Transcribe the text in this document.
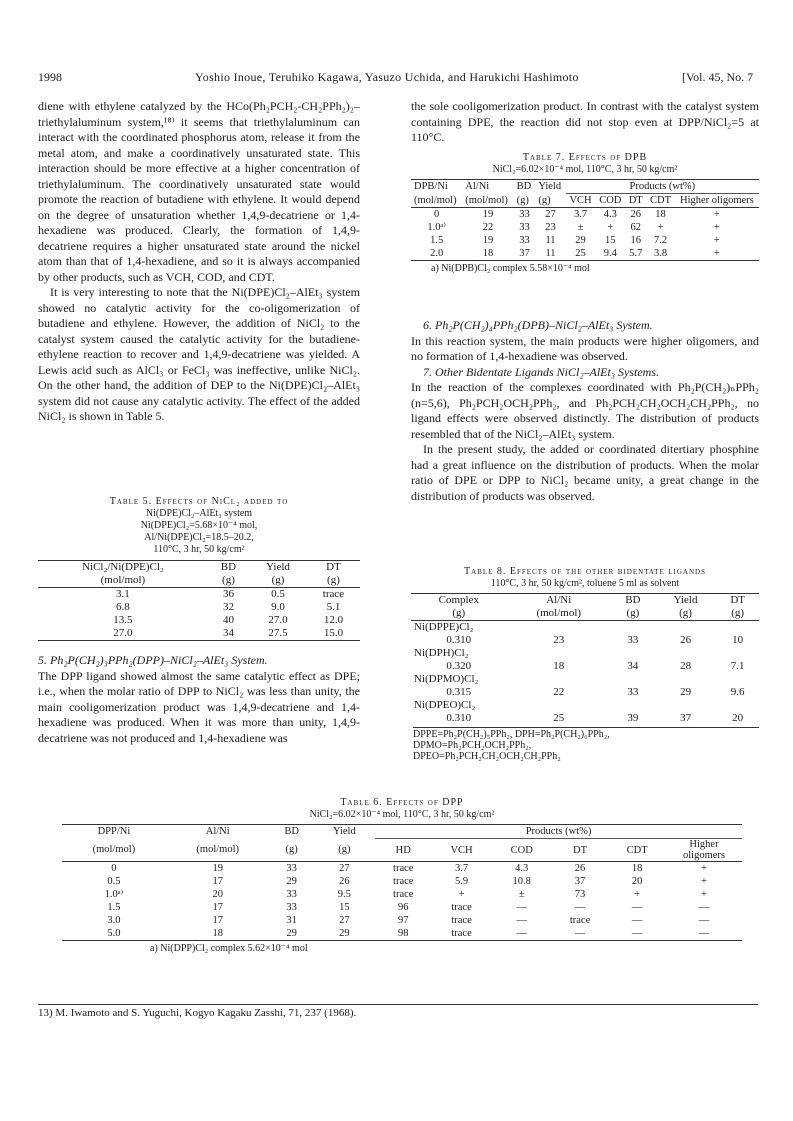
1998	Yoshio Inoue, Teruhiko Kagawa, Yasuzo Uchida, and Harukichi Hashimoto	[Vol. 45, No. 7

diene with ethylene catalyzed by the HCo(Ph₂PCH₂-CH₂PPh₂)₂–triethylaluminum system,¹⁸⁾ it seems that triethylaluminum can interact with the coordinated phosphorus atom, release it from the metal atom, and make a coordinatively unsaturated state. This interaction should be more effective at a higher concentration of triethylaluminum. The coordinatively unsaturated state would promote the reaction of butadiene with ethylene. It would depend on the degree of unsaturation whether 1,4,9-decatriene or 1,4-hexadiene was produced. Clearly, the formation of 1,4,9-decatriene requires a higher unsaturated state around the nickel atom than that of 1,4-hexadiene, and so it is always accompanied by other products, such as VCH, COD, and CDT.

It is very interesting to note that the Ni(DPE)Cl₂–AlEt₃ system showed no catalytic activity for the co-oligomerization of butadiene and ethylene. However, the addition of NiCl₂ to the catalyst system caused the catalytic activity for the butadiene-ethylene reaction to recover and 1,4,9-decatriene was yielded. A Lewis acid such as AlCl₃ or FeCl₃ was ineffective, unlike NiCl₂. On the other hand, the addition of DEP to the Ni(DPE)Cl₂–AlEt₃ system did not cause any catalytic activity. The effect of the added NiCl₂ is shown in Table 5.

Table 5. Effects of NiCl₂ added to
Ni(DPE)Cl₂–AlEt₃ system
Ni(DPE)Cl₂=5.68×10⁻⁴ mol,
Al/Ni(DPE)Cl₂=18.5–20.2,
110°C, 3 hr, 50 kg/cm²
NiCl₂/Ni(DPE)Cl₂	BD	Yield	DT
(mol/mol)	(g)	(g)	(g)
3.1	36	0.5	trace
6.8	32	9.0	5.1
13.5	40	27.0	12.0
27.0	34	27.5	15.0

5. Ph₂P(CH₂)₃PPh₂(DPP)–NiCl₂–AlEt₃ System.

The DPP ligand showed almost the same catalytic effect as DPE; i.e., when the molar ratio of DPP to NiCl₂ was less than unity, the main cooligomerization product was 1,4,9-decatriene and 1,4-hexadiene was produced. When it was more than unity, 1,4,9-decatriene was not produced and 1,4-hexadiene was

the sole cooligomerization product. In contrast with the catalyst system containing DPE, the reaction did not stop even at DPP/NiCl₂=5 at 110°C.

Table 7. Effects of DPB
NiCl₂=6.02×10⁻⁴ mol, 110°C, 3 hr, 50 kg/cm²
DPB/Ni	Al/Ni	BD	Yield	Products (wt%)				
(mol/mol)	(mol/mol)	(g)	(g)	VCH	COD	DT	CDT	Higher oligomers
0	19	33	27	3.7	4.3	26	18	+
1.0ᵃ⁾	22	33	23	±	+	62	+	+
1.5	19	33	11	29	15	16	7.2	+
2.0	18	37	11	25	9.4	5.7	3.8	+
a) Ni(DPB)Cl₂ complex 5.58×10⁻⁴ mol

6. Ph₂P(CH₂)₄PPh₂(DPB)–NiCl₂–AlEt₃ System.

In this reaction system, the main products were higher oligomers, and no formation of 1,4-hexadiene was observed.

7. Other Bidentate Ligands NiCl₂–AlEt₃ Systems.

In the reaction of the complexes coordinated with Ph₂P(CH₂)ₙPPh₂ (n=5,6), Ph₂PCH₂OCH₂PPh₂, and Ph₂PCH₂CH₂OCH₂CH₂PPh₂, no ligand effects were observed distinctly. The distribution of products resembled that of the NiCl₂–AlEt₃ system.

In the present study, the added or coordinated ditertiary phosphine had a great influence on the distribution of products. When the molar ratio of DPE or DPP to NiCl₂ became unity, a great change in the distribution of products was observed.

Table 8. Effects of the other bidentate ligands
110°C, 3 hr, 50 kg/cm², toluene 5 ml as solvent
Complex	Al/Ni	BD	Yield	DT
(g)	(mol/mol)	(g)	(g)	(g)
Ni(DPPE)Cl₂				
0.310	23	33	26	10
Ni(DPH)Cl₂				
0.320	18	34	28	7.1
Ni(DPMO)Cl₂				
0.315	22	33	29	9.6
Ni(DPEO)Cl₂				
0.310	25	39	37	20
DPPE=Ph₂P(CH₂)₅PPh₂, DPH=Ph₂P(CH₂)₆PPh₂,
DPMO=Ph₂PCH₂OCH₂PPh₂,
DPEO=Ph₂PCH₂CH₂OCH₂CH₂PPh₂
Table 6. Effects of DPP
NiCl₂=6.02×10⁻⁴ mol, 110°C, 3 hr, 50 kg/cm²
DPP/Ni	Al/Ni	BD	Yield	Products (wt%)					
(mol/mol)	(mol/mol)	(g)	(g)	HD	VCH	COD	DT	CDT	Higher oligomers
0	19	33	27	trace	3.7	4.3	26	18	+
0.5	17	29	26	trace	5.9	10.8	37	20	+
1.0ᵃ⁾	20	33	9.5	trace	+	±	73	+	+
1.5	17	33	15	96	trace	—	—	—	—
3.0	17	31	27	97	trace	—	trace	—	—
5.0	18	29	29	98	trace	—	—	—	—
a) Ni(DPP)Cl₂ complex 5.62×10⁻⁴ mol
13) M. Iwamoto and S. Yuguchi, Kogyo Kagaku Zasshi, 71, 237 (1968).
